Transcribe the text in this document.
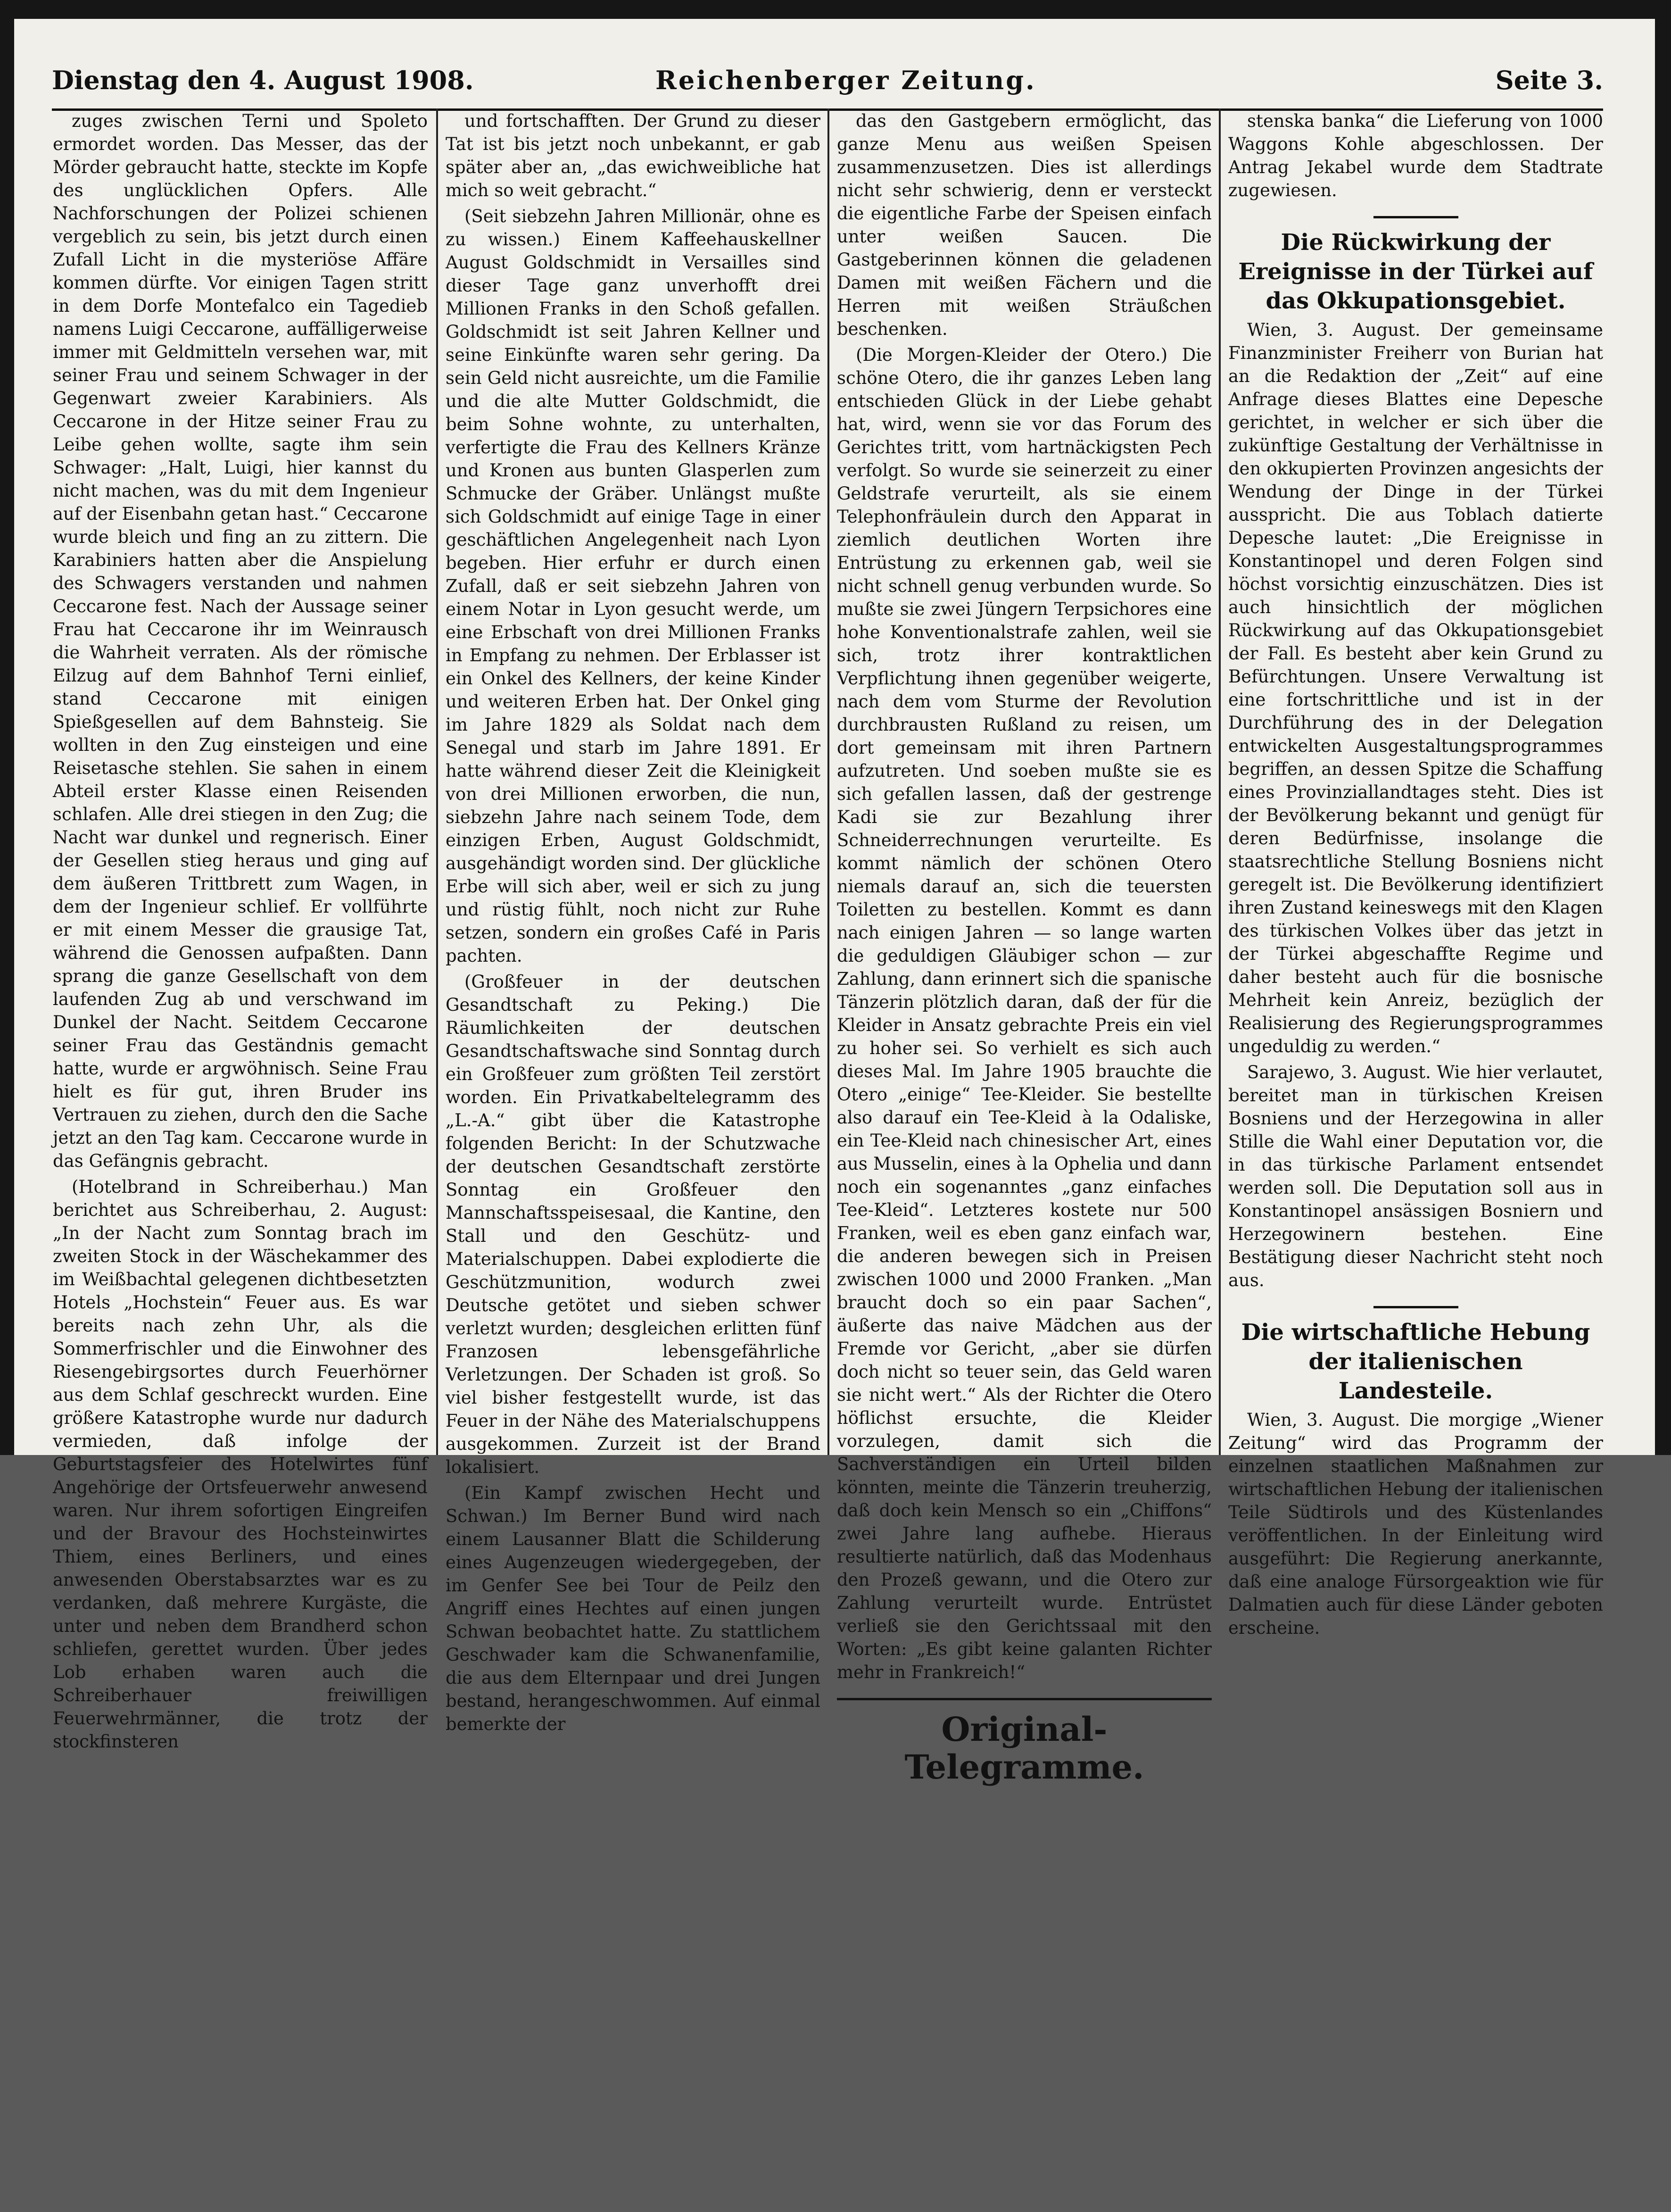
Dienstag den 4. August 1908.	Reichenberger Zeitung.	Seite 3.

zuges zwischen Terni und Spoleto ermordet worden. Das Messer, das der Mörder gebraucht hatte, steckte im Kopfe des unglücklichen Opfers. Alle Nachforschungen der Polizei schienen vergeblich zu sein, bis jetzt durch einen Zufall Licht in die mysteriöse Affäre kommen dürfte. Vor einigen Tagen stritt in dem Dorfe Montefalco ein Tagedieb namens Luigi Ceccarone, auffälligerweise immer mit Geldmitteln versehen war, mit seiner Frau und seinem Schwager in der Gegenwart zweier Karabiniers. Als Ceccarone in der Hitze seiner Frau zu Leibe gehen wollte, sagte ihm sein Schwager: „Halt, Luigi, hier kannst du nicht machen, was du mit dem Ingenieur auf der Eisenbahn getan hast.“ Ceccarone wurde bleich und fing an zu zittern. Die Karabiniers hatten aber die Anspielung des Schwagers verstanden und nahmen Ceccarone fest. Nach der Aussage seiner Frau hat Ceccarone ihr im Weinrausch die Wahrheit verraten. Als der römische Eilzug auf dem Bahnhof Terni einlief, stand Ceccarone mit einigen Spießgesellen auf dem Bahnsteig. Sie wollten in den Zug einsteigen und eine Reisetasche stehlen. Sie sahen in einem Abteil erster Klasse einen Reisenden schlafen. Alle drei stiegen in den Zug; die Nacht war dunkel und regnerisch. Einer der Gesellen stieg heraus und ging auf dem äußeren Trittbrett zum Wagen, in dem der Ingenieur schlief. Er vollführte er mit einem Messer die grausige Tat, während die Genossen aufpaßten. Dann sprang die ganze Gesellschaft von dem laufenden Zug ab und verschwand im Dunkel der Nacht. Seitdem Ceccarone seiner Frau das Geständnis gemacht hatte, wurde er argwöhnisch. Seine Frau hielt es für gut, ihren Bruder ins Vertrauen zu ziehen, durch den die Sache jetzt an den Tag kam. Ceccarone wurde in das Gefängnis gebracht.

(Hotelbrand in Schreiberhau.) Man berichtet aus Schreiberhau, 2. August: „In der Nacht zum Sonntag brach im zweiten Stock in der Wäschekammer des im Weißbachtal gelegenen dichtbesetzten Hotels „Hochstein“ Feuer aus. Es war bereits nach zehn Uhr, als die Sommerfrischler und die Einwohner des Riesengebirgsortes durch Feuerhörner aus dem Schlaf geschreckt wurden. Eine größere Katastrophe wurde nur dadurch vermieden, daß infolge der Geburtstagsfeier des Hotelwirtes fünf Angehörige der Ortsfeuerwehr anwesend waren. Nur ihrem sofortigen Eingreifen und der Bravour des Hochsteinwirtes Thiem, eines Berliners, und eines anwesenden Oberstabsarztes war es zu verdanken, daß mehrere Kurgäste, die unter und neben dem Brandherd schon schliefen, gerettet wurden. Über jedes Lob erhaben waren auch die Schreiberhauer freiwilligen Feuerwehrmänner, die trotz der stockfinsteren

und fortschafften. Der Grund zu dieser Tat ist bis jetzt noch unbekannt, er gab später aber an, „das ewichweibliche hat mich so weit gebracht.“

(Seit siebzehn Jahren Millionär, ohne es zu wissen.) Einem Kaffeehauskellner August Goldschmidt in Versailles sind dieser Tage ganz unverhofft drei Millionen Franks in den Schoß gefallen. Goldschmidt ist seit Jahren Kellner und seine Einkünfte waren sehr gering. Da sein Geld nicht ausreichte, um die Familie und die alte Mutter Goldschmidt, die beim Sohne wohnte, zu unterhalten, verfertigte die Frau des Kellners Kränze und Kronen aus bunten Glasperlen zum Schmucke der Gräber. Unlängst mußte sich Goldschmidt auf einige Tage in einer geschäftlichen Angelegenheit nach Lyon begeben. Hier erfuhr er durch einen Zufall, daß er seit siebzehn Jahren von einem Notar in Lyon gesucht werde, um eine Erbschaft von drei Millionen Franks in Empfang zu nehmen. Der Erblasser ist ein Onkel des Kellners, der keine Kinder und weiteren Erben hat. Der Onkel ging im Jahre 1829 als Soldat nach dem Senegal und starb im Jahre 1891. Er hatte während dieser Zeit die Kleinigkeit von drei Millionen erworben, die nun, siebzehn Jahre nach seinem Tode, dem einzigen Erben, August Goldschmidt, ausgehändigt worden sind. Der glückliche Erbe will sich aber, weil er sich zu jung und rüstig fühlt, noch nicht zur Ruhe setzen, sondern ein großes Café in Paris pachten.

(Großfeuer in der deutschen Gesandtschaft zu Peking.) Die Räumlichkeiten der deutschen Gesandtschaftswache sind Sonntag durch ein Großfeuer zum größten Teil zerstört worden. Ein Privatkabeltelegramm des „L.-A.“ gibt über die Katastrophe folgenden Bericht: In der Schutzwache der deutschen Gesandtschaft zerstörte Sonntag ein Großfeuer den Mannschaftsspeisesaal, die Kantine, den Stall und den Geschütz- und Materialschuppen. Dabei explodierte die Geschützmunition, wodurch zwei Deutsche getötet und sieben schwer verletzt wurden; desgleichen erlitten fünf Franzosen lebensgefährliche Verletzungen. Der Schaden ist groß. So viel bisher festgestellt wurde, ist das Feuer in der Nähe des Materialschuppens ausgekommen. Zurzeit ist der Brand lokalisiert.

(Ein Kampf zwischen Hecht und Schwan.) Im Berner Bund wird nach einem Lausanner Blatt die Schilderung eines Augenzeugen wiedergegeben, der im Genfer See bei Tour de Peilz den Angriff eines Hechtes auf einen jungen Schwan beobachtet hatte. Zu stattlichem Geschwader kam die Schwanenfamilie, die aus dem Elternpaar und drei Jungen bestand, herangeschwommen. Auf einmal bemerkte der

das den Gastgebern ermöglicht, das ganze Menu aus weißen Speisen zusammenzusetzen. Dies ist allerdings nicht sehr schwierig, denn er versteckt die eigentliche Farbe der Speisen einfach unter weißen Saucen. Die Gastgeberinnen können die geladenen Damen mit weißen Fächern und die Herren mit weißen Sträußchen beschenken.

(Die Morgen-Kleider der Otero.) Die schöne Otero, die ihr ganzes Leben lang entschieden Glück in der Liebe gehabt hat, wird, wenn sie vor das Forum des Gerichtes tritt, vom hartnäckigsten Pech verfolgt. So wurde sie seinerzeit zu einer Geldstrafe verurteilt, als sie einem Telephonfräulein durch den Apparat in ziemlich deutlichen Worten ihre Entrüstung zu erkennen gab, weil sie nicht schnell genug verbunden wurde. So mußte sie zwei Jüngern Terpsichores eine hohe Konventionalstrafe zahlen, weil sie sich, trotz ihrer kontraktlichen Verpflichtung ihnen gegenüber weigerte, nach dem vom Sturme der Revolution durchbrausten Rußland zu reisen, um dort gemeinsam mit ihren Partnern aufzutreten. Und soeben mußte sie es sich gefallen lassen, daß der gestrenge Kadi sie zur Bezahlung ihrer Schneiderrechnungen verurteilte. Es kommt nämlich der schönen Otero niemals darauf an, sich die teuersten Toiletten zu bestellen. Kommt es dann nach einigen Jahren — so lange warten die geduldigen Gläubiger schon — zur Zahlung, dann erinnert sich die spanische Tänzerin plötzlich daran, daß der für die Kleider in Ansatz gebrachte Preis ein viel zu hoher sei. So verhielt es sich auch dieses Mal. Im Jahre 1905 brauchte die Otero „einige“ Tee-Kleider. Sie bestellte also darauf ein Tee-Kleid à la Odaliske, ein Tee-Kleid nach chinesischer Art, eines aus Musselin, eines à la Ophelia und dann noch ein sogenanntes „ganz einfaches Tee-Kleid“. Letzteres kostete nur 500 Franken, weil es eben ganz einfach war, die anderen bewegen sich in Preisen zwischen 1000 und 2000 Franken. „Man braucht doch so ein paar Sachen“, äußerte das naive Mädchen aus der Fremde vor Gericht, „aber sie dürfen doch nicht so teuer sein, das Geld waren sie nicht wert.“ Als der Richter die Otero höflichst ersuchte, die Kleider vorzulegen, damit sich die Sachverständigen ein Urteil bilden könnten, meinte die Tänzerin treuherzig, daß doch kein Mensch so ein „Chiffons“ zwei Jahre lang aufhebe. Hieraus resultierte natürlich, daß das Modenhaus den Prozeß gewann, und die Otero zur Zahlung verurteilt wurde. Entrüstet verließ sie den Gerichtssaal mit den Worten: „Es gibt keine galanten Richter mehr in Frankreich!“

Original-Telegramme.

stenska banka“ die Lieferung von 1000 Waggons Kohle abgeschlossen. Der Antrag Jekabel wurde dem Stadtrate zugewiesen.

Die Rückwirkung der Ereignisse in der Türkei auf das Okkupationsgebiet.

Wien, 3. August. Der gemeinsame Finanzminister Freiherr von Burian hat an die Redaktion der „Zeit“ auf eine Anfrage dieses Blattes eine Depesche gerichtet, in welcher er sich über die zukünftige Gestaltung der Verhältnisse in den okkupierten Provinzen angesichts der Wendung der Dinge in der Türkei ausspricht. Die aus Toblach datierte Depesche lautet: „Die Ereignisse in Konstantinopel und deren Folgen sind höchst vorsichtig einzuschätzen. Dies ist auch hinsichtlich der möglichen Rückwirkung auf das Okkupationsgebiet der Fall. Es besteht aber kein Grund zu Befürchtungen. Unsere Verwaltung ist eine fortschrittliche und ist in der Durchführung des in der Delegation entwickelten Ausgestaltungsprogrammes begriffen, an dessen Spitze die Schaffung eines Provinziallandtages steht. Dies ist der Bevölkerung bekannt und genügt für deren Bedürfnisse, insolange die staatsrechtliche Stellung Bosniens nicht geregelt ist. Die Bevölkerung identifiziert ihren Zustand keineswegs mit den Klagen des türkischen Volkes über das jetzt in der Türkei abgeschaffte Regime und daher besteht auch für die bosnische Mehrheit kein Anreiz, bezüglich der Realisierung des Regierungsprogrammes ungeduldig zu werden.“

Sarajewo, 3. August. Wie hier verlautet, bereitet man in türkischen Kreisen Bosniens und der Herzegowina in aller Stille die Wahl einer Deputation vor, die in das türkische Parlament entsendet werden soll. Die Deputation soll aus in Konstantinopel ansässigen Bosniern und Herzegowinern bestehen. Eine Bestätigung dieser Nachricht steht noch aus.

Die wirtschaftliche Hebung der italienischen Landesteile.

Wien, 3. August. Die morgige „Wiener Zeitung“ wird das Programm der einzelnen staatlichen Maßnahmen zur wirtschaftlichen Hebung der italienischen Teile Südtirols und des Küstenlandes veröffentlichen. In der Einleitung wird ausgeführt: Die Regierung anerkannte, daß eine analoge Fürsorgeaktion wie für Dalmatien auch für diese Länder geboten erscheine.
